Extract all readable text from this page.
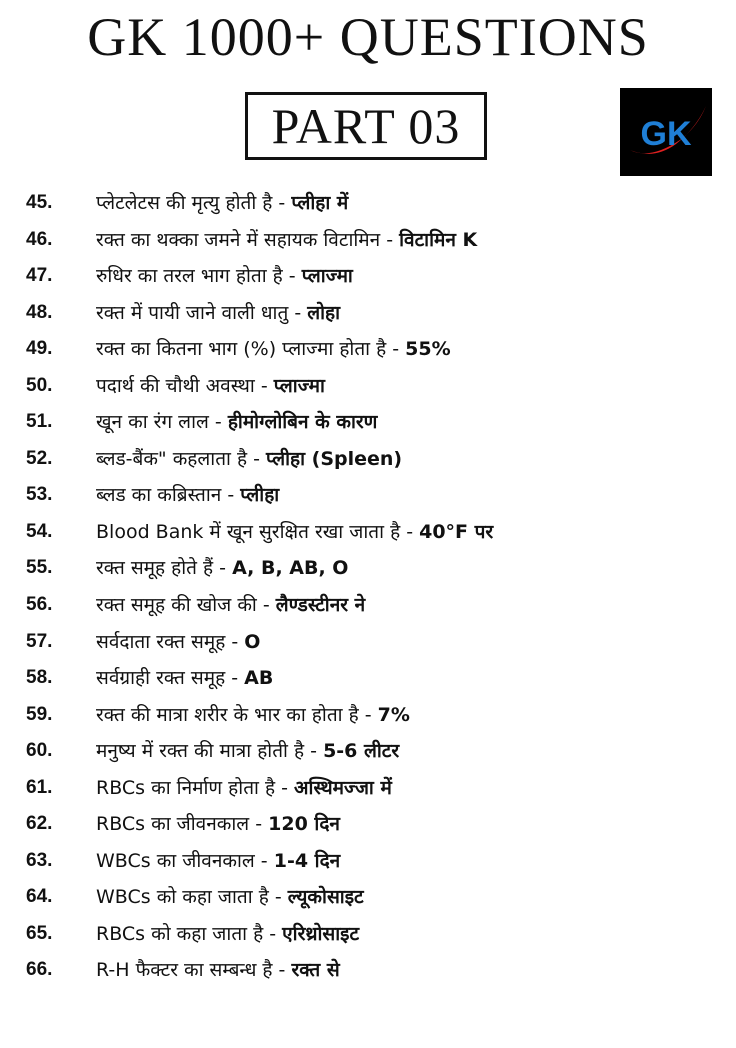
GK 1000+ QUESTIONS
PART 03	GK
45.	प्लेटलेटस की मृत्यु होती है - प्लीहा में
46.	रक्त का थक्का जमने में सहायक विटामिन - विटामिन K
47.	रुधिर का तरल भाग होता है - प्लाज्मा
48.	रक्त में पायी जाने वाली धातु - लोहा
49.	रक्त का कितना भाग (%) प्लाज्मा होता है - 55%
50.	पदार्थ की चौथी अवस्था - प्लाज्मा
51.	खून का रंग लाल - हीमोग्लोबिन के कारण
52.	ब्लड-बैंक" कहलाता है - प्लीहा (Spleen)
53.	ब्लड का कब्रिस्तान - प्लीहा
54.	Blood Bank में खून सुरक्षित रखा जाता है - 40°F पर
55.	रक्त समूह होते हैं - A, B, AB, O
56.	रक्त समूह की खोज की - लैण्डस्टीनर ने
57.	सर्वदाता रक्त समूह - O
58.	सर्वग्राही रक्त समूह - AB
59.	रक्त की मात्रा शरीर के भार का होता है - 7%
60.	मनुष्य में रक्त की मात्रा होती है - 5-6 लीटर
61.	RBCs का निर्माण होता है - अस्थिमज्जा में
62.	RBCs का जीवनकाल - 120 दिन
63.	WBCs का जीवनकाल - 1-4 दिन
64.	WBCs को कहा जाता है - ल्यूकोसाइट
65.	RBCs को कहा जाता है - एरिथ्रोसाइट
66.	R-H फैक्टर का सम्बन्ध है - रक्त से
